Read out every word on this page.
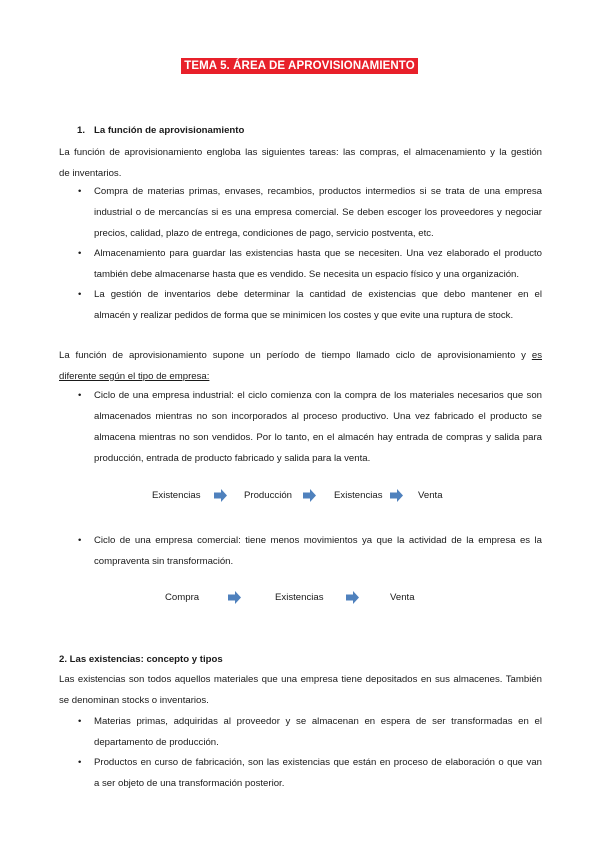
TEMA 5. ÁREA DE APROVISIONAMIENTO
1. La función de aprovisionamiento
La función de aprovisionamiento engloba las siguientes tareas: las compras, el almacenamiento y la gestión
de inventarios.
• Compra de materias primas, envases, recambios, productos intermedios si se trata de una empresa
industrial o de mercancías si es una empresa comercial. Se deben escoger los proveedores y negociar
precios, calidad, plazo de entrega, condiciones de pago, servicio postventa, etc.
• Almacenamiento para guardar las existencias hasta que se necesiten. Una vez elaborado el producto
también debe almacenarse hasta que es vendido. Se necesita un espacio físico y una organización.
• La gestión de inventarios debe determinar la cantidad de existencias que debo mantener en el
almacén y realizar pedidos de forma que se minimicen los costes y que evite una ruptura de stock.
La función de aprovisionamiento supone un período de tiempo llamado ciclo de aprovisionamiento y es
diferente según el tipo de empresa:
• Ciclo de una empresa industrial: el ciclo comienza con la compra de los materiales necesarios que son
almacenados mientras no son incorporados al proceso productivo. Una vez fabricado el producto se
almacena mientras no son vendidos. Por lo tanto, en el almacén hay entrada de compras y salida para
producción, entrada de producto fabricado y salida para la venta.
Existencias	Producción	Existencias	Venta
• Ciclo de una empresa comercial: tiene menos movimientos ya que la actividad de la empresa es la
compraventa sin transformación.
Compra	Existencias	Venta
2. Las existencias: concepto y tipos
Las existencias son todos aquellos materiales que una empresa tiene depositados en sus almacenes. También
se denominan stocks o inventarios.
• Materias primas, adquiridas al proveedor y se almacenan en espera de ser transformadas en el
departamento de producción.
• Productos en curso de fabricación, son las existencias que están en proceso de elaboración o que van
a ser objeto de una transformación posterior.
